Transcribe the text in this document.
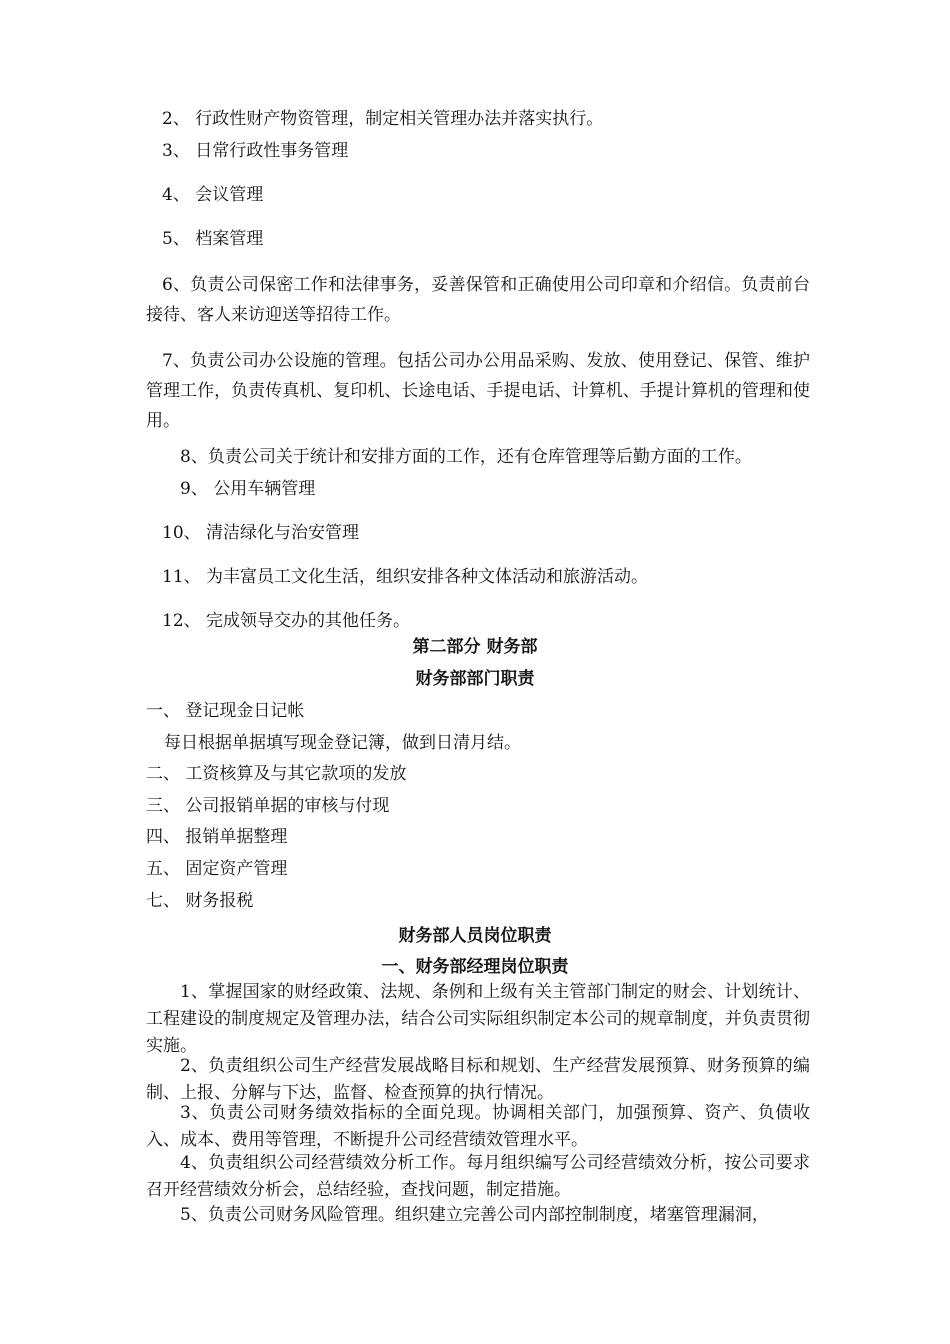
2、 行政性财产物资管理，制定相关管理办法并落实执行。
3、 日常行政性事务管理
4、 会议管理
5、 档案管理
6、负责公司保密工作和法律事务，妥善保管和正确使用公司印章和介绍信。负责前台接待、客人来访迎送等招待工作。
7、负责公司办公设施的管理。包括公司办公用品采购、发放、使用登记、保管、维护管理工作，负责传真机、复印机、长途电话、手提电话、计算机、手提计算机的管理和使用。
8、负责公司关于统计和安排方面的工作，还有仓库管理等后勤方面的工作。
9、 公用车辆管理
10、 清洁绿化与治安管理
11、 为丰富员工文化生活，组织安排各种文体活动和旅游活动。
12、 完成领导交办的其他任务。
第二部分 财务部
财务部部门职责
一、 登记现金日记帐
每日根据单据填写现金登记簿，做到日清月结。
二、 工资核算及与其它款项的发放
三、 公司报销单据的审核与付现
四、 报销单据整理
五、 固定资产管理
七、 财务报税
财务部人员岗位职责
一、财务部经理岗位职责
1、掌握国家的财经政策、法规、条例和上级有关主管部门制定的财会、计划统计、工程建设的制度规定及管理办法，结合公司实际组织制定本公司的规章制度，并负责贯彻实施。
2、负责组织公司生产经营发展战略目标和规划、生产经营发展预算、财务预算的编制、上报、分解与下达，监督、检查预算的执行情况。
3、负责公司财务绩效指标的全面兑现。协调相关部门，加强预算、资产、负债收入、成本、费用等管理，不断提升公司经营绩效管理水平。
4、负责组织公司经营绩效分析工作。每月组织编写公司经营绩效分析，按公司要求召开经营绩效分析会，总结经验，查找问题，制定措施。
5、负责公司财务风险管理。组织建立完善公司内部控制制度，堵塞管理漏洞，
